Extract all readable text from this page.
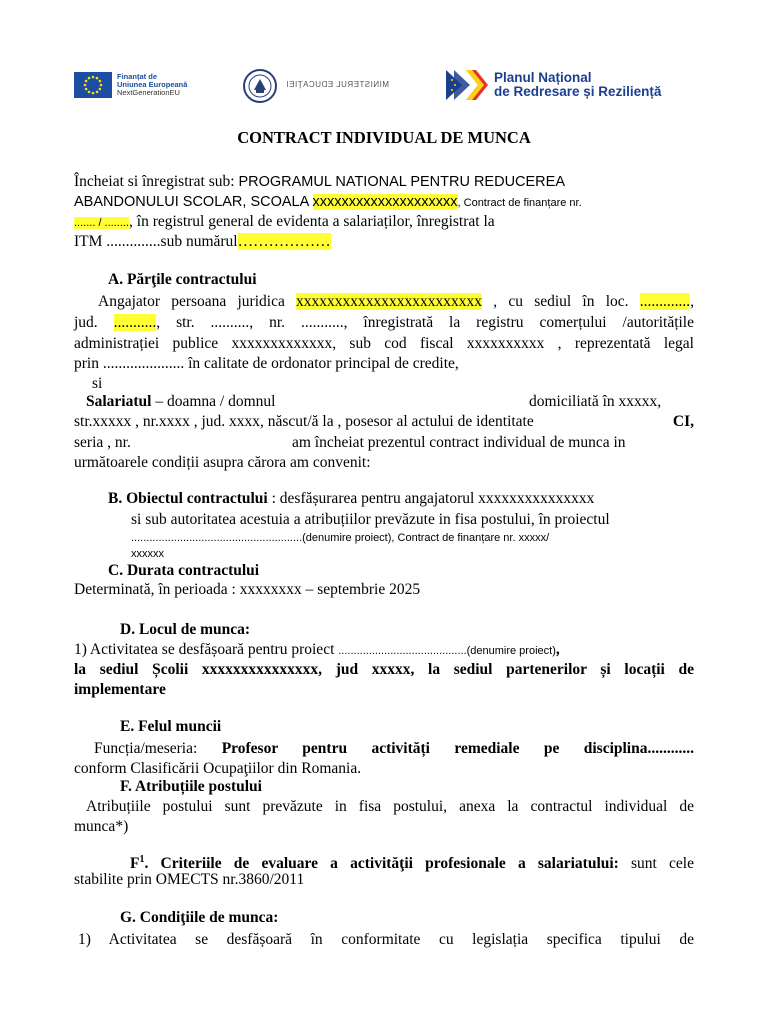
Finanțat de
Uniunea Europeană
NextGenerationEU
MINISTERUL EDUCAȚIEI	Planul Național
de Redresare și Reziliență
CONTRACT INDIVIDUAL DE MUNCA
Încheiat si înregistrat sub: PROGRAMUL NATIONAL PENTRU REDUCEREA
ABANDONULUI SCOLAR, SCOALA xxxxxxxxxxxxxxxxxxxx, Contract de finanțare nr.
....... / ........, în registrul general de evidenta a salariaților, înregistrat la
ITM ..............sub numărul………………
A. Părţile contractului
Angajator persoana juridica xxxxxxxxxxxxxxxxxxxxxxxx , cu sediul în loc. .............,
jud. ..........., str. .........., nr. ..........., înregistrată la registru comerțului /autoritățile
administrației publice xxxxxxxxxxxxx, sub cod fiscal xxxxxxxxxx , reprezentată legal
prin ..................... în calitate de ordonator principal de credite,
si
Salariatul – doamna / domnul	domiciliată în xxxxx,
str.xxxxx , nr.xxxx , jud. xxxx, născut/ă la , posesor al actului de identitate	CI,
seria , nr.	am încheiat prezentul contract individual de munca in
următoarele condiții asupra cărora am convenit:
B. Obiectul contractului : desfășurarea pentru angajatorul xxxxxxxxxxxxxxx
si sub autoritatea acestuia a atribuțiilor prevăzute in fisa postului, în proiectul
........................................................(denumire proiect), Contract de finanțare nr. xxxxx/
xxxxxx
C. Durata contractului
Determinată, în perioada : xxxxxxxx – septembrie 2025
D. Locul de munca:
1) Activitatea se desfășoară pentru proiect ..........................................(denumire proiect),
la sediul Școlii xxxxxxxxxxxxxxx, jud xxxxx, la sediul partenerilor și locații de
implementare
E. Felul muncii
Funcția/meseria: Profesor pentru activități remediale pe disciplina............
conform Clasificării Ocupaţiilor din Romania.
F. Atribuțiile postului
Atribuțiile postului sunt prevăzute in fisa postului, anexa la contractul individual de
munca*)
$F^1$. Criteriile de evaluare a activităţii profesionale a salariatului: sunt cele
stabilite prin OMECTS nr.3860/2011
G. Condiţiile de munca:
1) Activitatea se desfășoară în conformitate cu legislația specifica tipului de
